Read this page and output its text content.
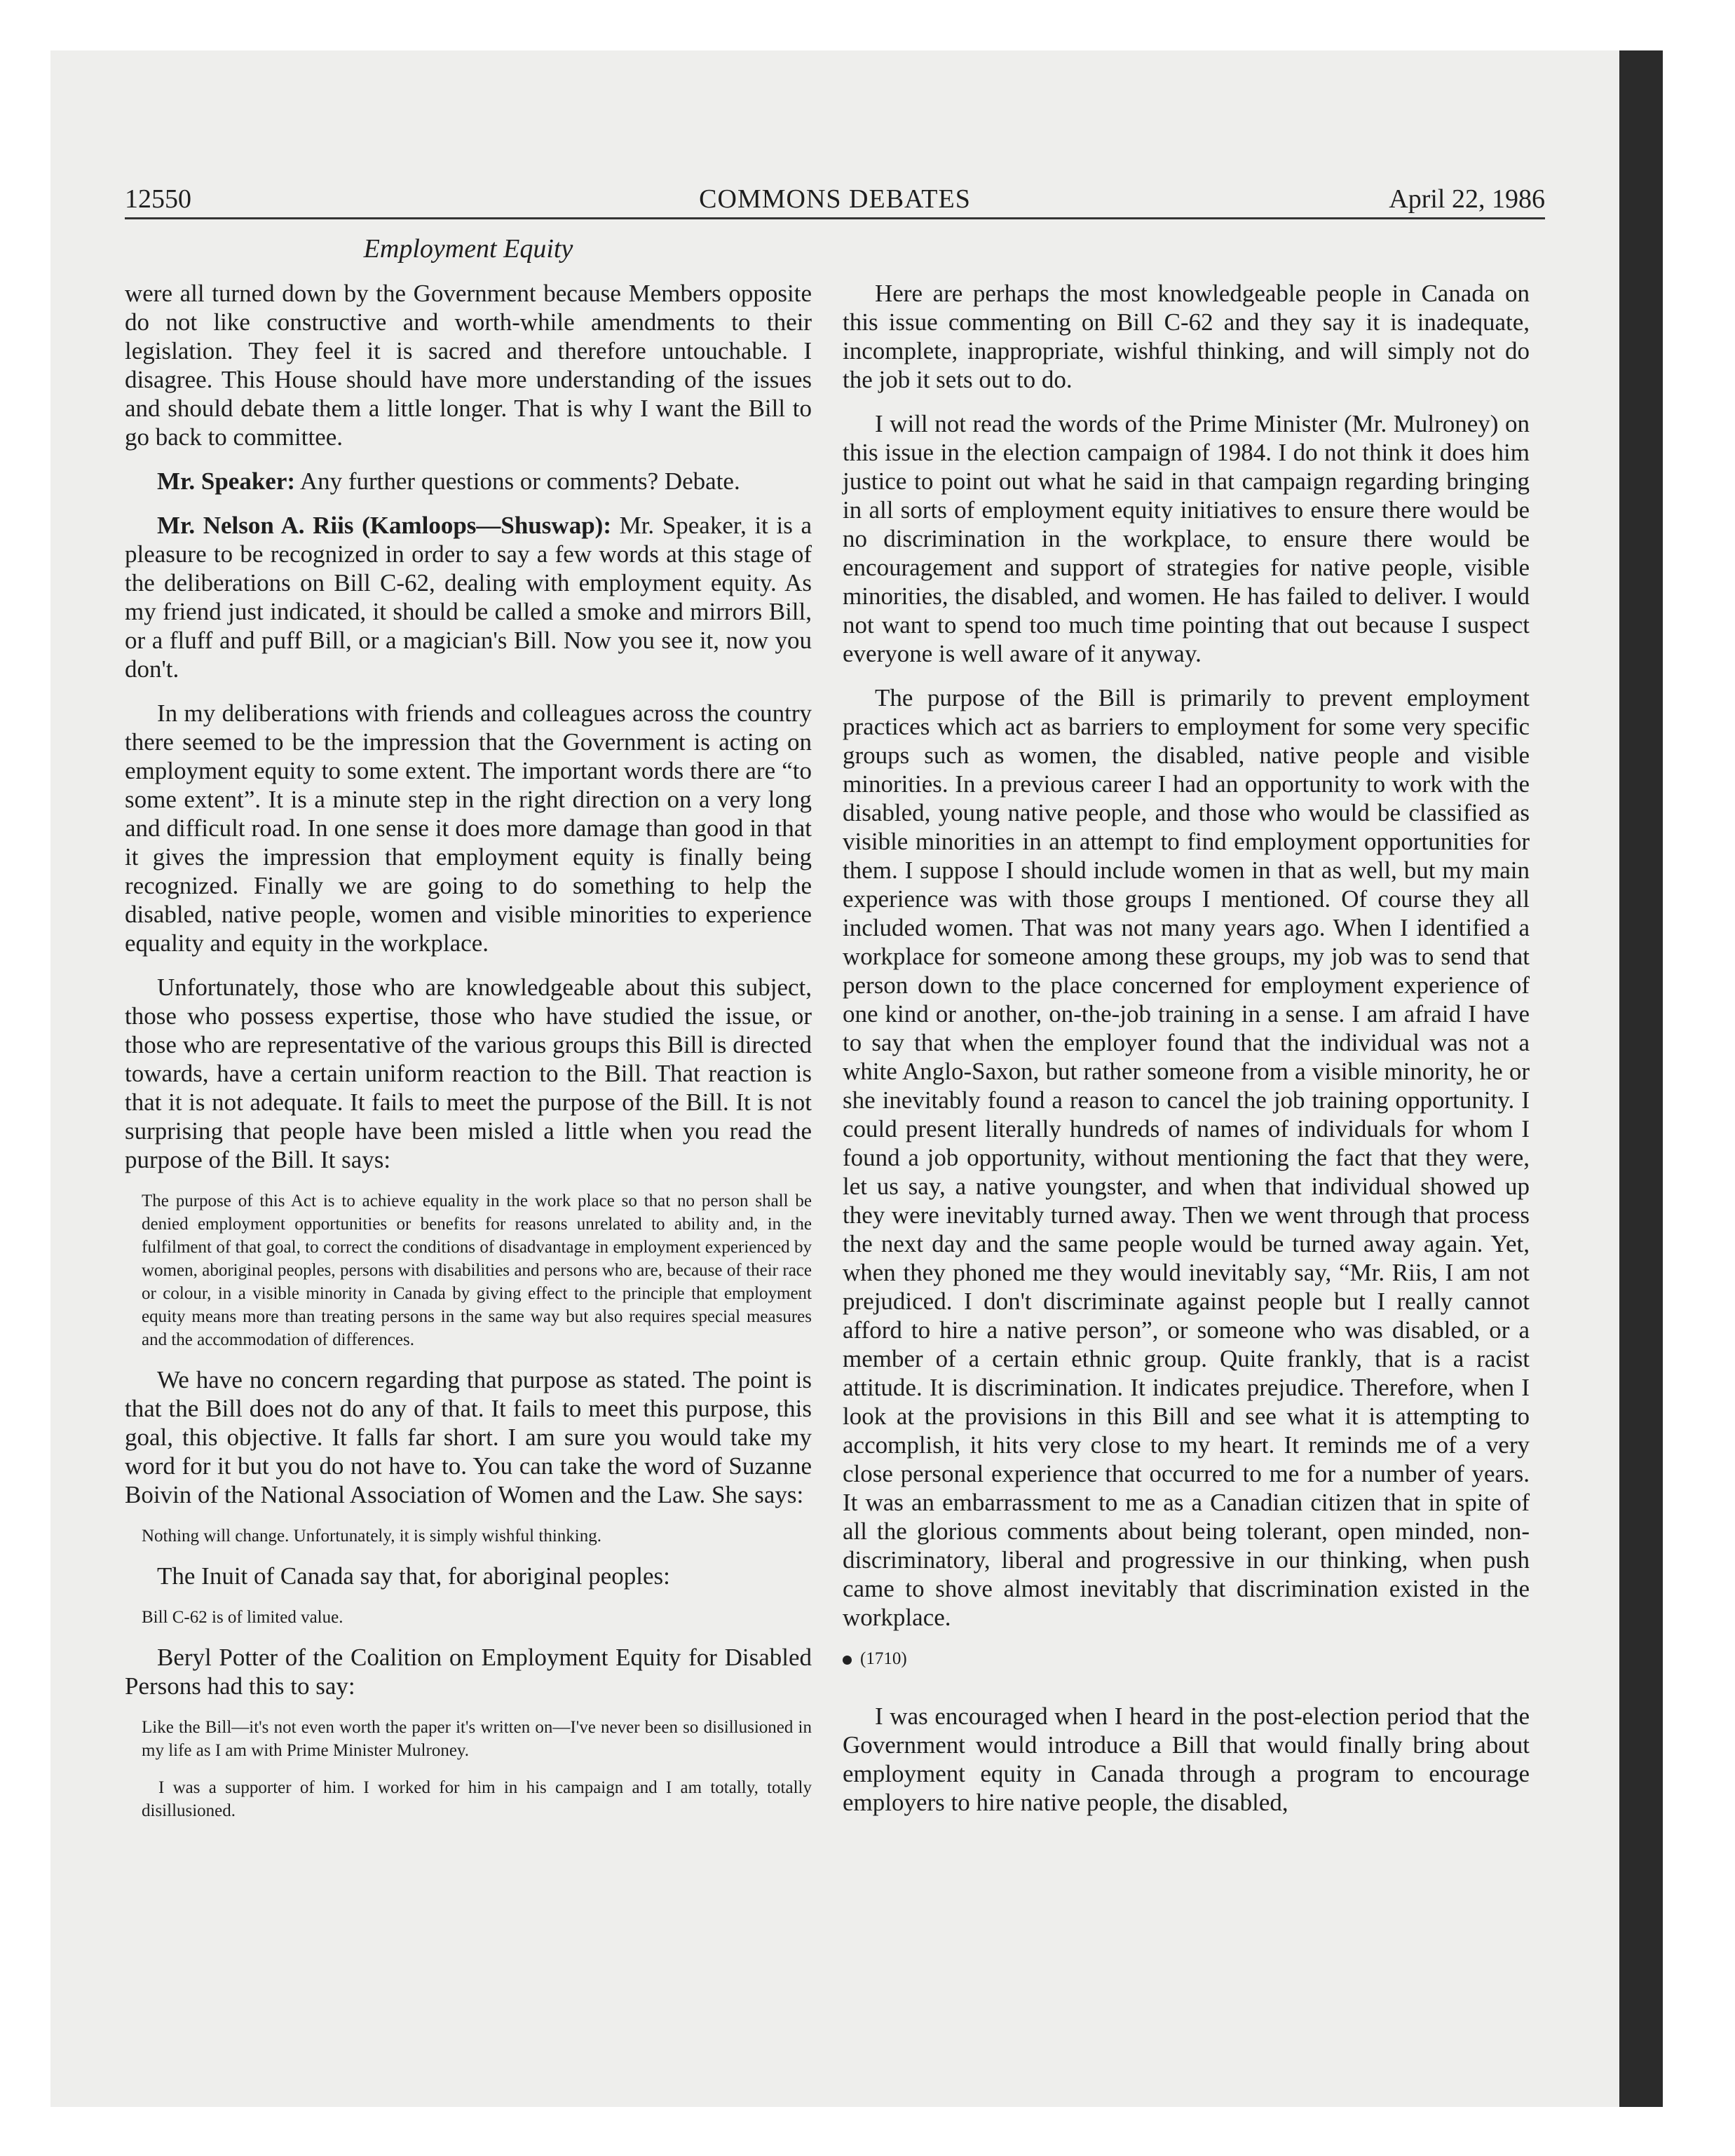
12550	COMMONS DEBATES	April 22, 1986
Employment Equity

were all turned down by the Government because Members opposite do not like constructive and worth-while amendments to their legislation. They feel it is sacred and therefore untouchable. I disagree. This House should have more understanding of the issues and should debate them a little longer. That is why I want the Bill to go back to committee.

Mr. Speaker: Any further questions or comments? Debate.

Mr. Nelson A. Riis (Kamloops—Shuswap): Mr. Speaker, it is a pleasure to be recognized in order to say a few words at this stage of the deliberations on Bill C-62, dealing with employment equity. As my friend just indicated, it should be called a smoke and mirrors Bill, or a fluff and puff Bill, or a magician's Bill. Now you see it, now you don't.

In my deliberations with friends and colleagues across the country there seemed to be the impression that the Government is acting on employment equity to some extent. The important words there are “to some extent”. It is a minute step in the right direction on a very long and difficult road. In one sense it does more damage than good in that it gives the impression that employment equity is finally being recognized. Finally we are going to do something to help the disabled, native people, women and visible minorities to experience equality and equity in the workplace.

Unfortunately, those who are knowledgeable about this subject, those who possess expertise, those who have studied the issue, or those who are representative of the various groups this Bill is directed towards, have a certain uniform reaction to the Bill. That reaction is that it is not adequate. It fails to meet the purpose of the Bill. It is not surprising that people have been misled a little when you read the purpose of the Bill. It says:

The purpose of this Act is to achieve equality in the work place so that no person shall be denied employment opportunities or benefits for reasons unrelated to ability and, in the fulfilment of that goal, to correct the conditions of disadvantage in employment experienced by women, aboriginal peoples, persons with disabilities and persons who are, because of their race or colour, in a visible minority in Canada by giving effect to the principle that employment equity means more than treating persons in the same way but also requires special measures and the accommodation of differences.

We have no concern regarding that purpose as stated. The point is that the Bill does not do any of that. It fails to meet this purpose, this goal, this objective. It falls far short. I am sure you would take my word for it but you do not have to. You can take the word of Suzanne Boivin of the National Association of Women and the Law. She says:

Nothing will change. Unfortunately, it is simply wishful thinking.

The Inuit of Canada say that, for aboriginal peoples:

Bill C-62 is of limited value.

Beryl Potter of the Coalition on Employment Equity for Disabled Persons had this to say:

Like the Bill—it's not even worth the paper it's written on—I've never been so disillusioned in my life as I am with Prime Minister Mulroney.

I was a supporter of him. I worked for him in his campaign and I am totally, totally disillusioned.

Here are perhaps the most knowledgeable people in Canada on this issue commenting on Bill C-62 and they say it is inadequate, incomplete, inappropriate, wishful thinking, and will simply not do the job it sets out to do.

I will not read the words of the Prime Minister (Mr. Mulroney) on this issue in the election campaign of 1984. I do not think it does him justice to point out what he said in that campaign regarding bringing in all sorts of employment equity initiatives to ensure there would be no discrimination in the workplace, to ensure there would be encouragement and support of strategies for native people, visible minorities, the disabled, and women. He has failed to deliver. I would not want to spend too much time pointing that out because I suspect everyone is well aware of it anyway.

The purpose of the Bill is primarily to prevent employment practices which act as barriers to employment for some very specific groups such as women, the disabled, native people and visible minorities. In a previous career I had an opportunity to work with the disabled, young native people, and those who would be classified as visible minorities in an attempt to find employment opportunities for them. I suppose I should include women in that as well, but my main experience was with those groups I mentioned. Of course they all included women. That was not many years ago. When I identified a workplace for someone among these groups, my job was to send that person down to the place concerned for employment experience of one kind or another, on-the-job training in a sense. I am afraid I have to say that when the employer found that the individual was not a white Anglo-Saxon, but rather someone from a visible minority, he or she inevitably found a reason to cancel the job training opportunity. I could present literally hundreds of names of individuals for whom I found a job opportunity, without mentioning the fact that they were, let us say, a native youngster, and when that individual showed up they were inevitably turned away. Then we went through that process the next day and the same people would be turned away again. Yet, when they phoned me they would inevitably say, “Mr. Riis, I am not prejudiced. I don't discriminate against people but I really cannot afford to hire a native person”, or someone who was disabled, or a member of a certain ethnic group. Quite frankly, that is a racist attitude. It is discrimination. It indicates prejudice. Therefore, when I look at the provisions in this Bill and see what it is attempting to accomplish, it hits very close to my heart. It reminds me of a very close personal experience that occurred to me for a number of years. It was an embarrassment to me as a Canadian citizen that in spite of all the glorious comments about being tolerant, open minded, non-discriminatory, liberal and progressive in our thinking, when push came to shove almost inevitably that discrimination existed in the workplace.

(1710)

I was encouraged when I heard in the post-election period that the Government would introduce a Bill that would finally bring about employment equity in Canada through a program to encourage employers to hire native people, the disabled,
